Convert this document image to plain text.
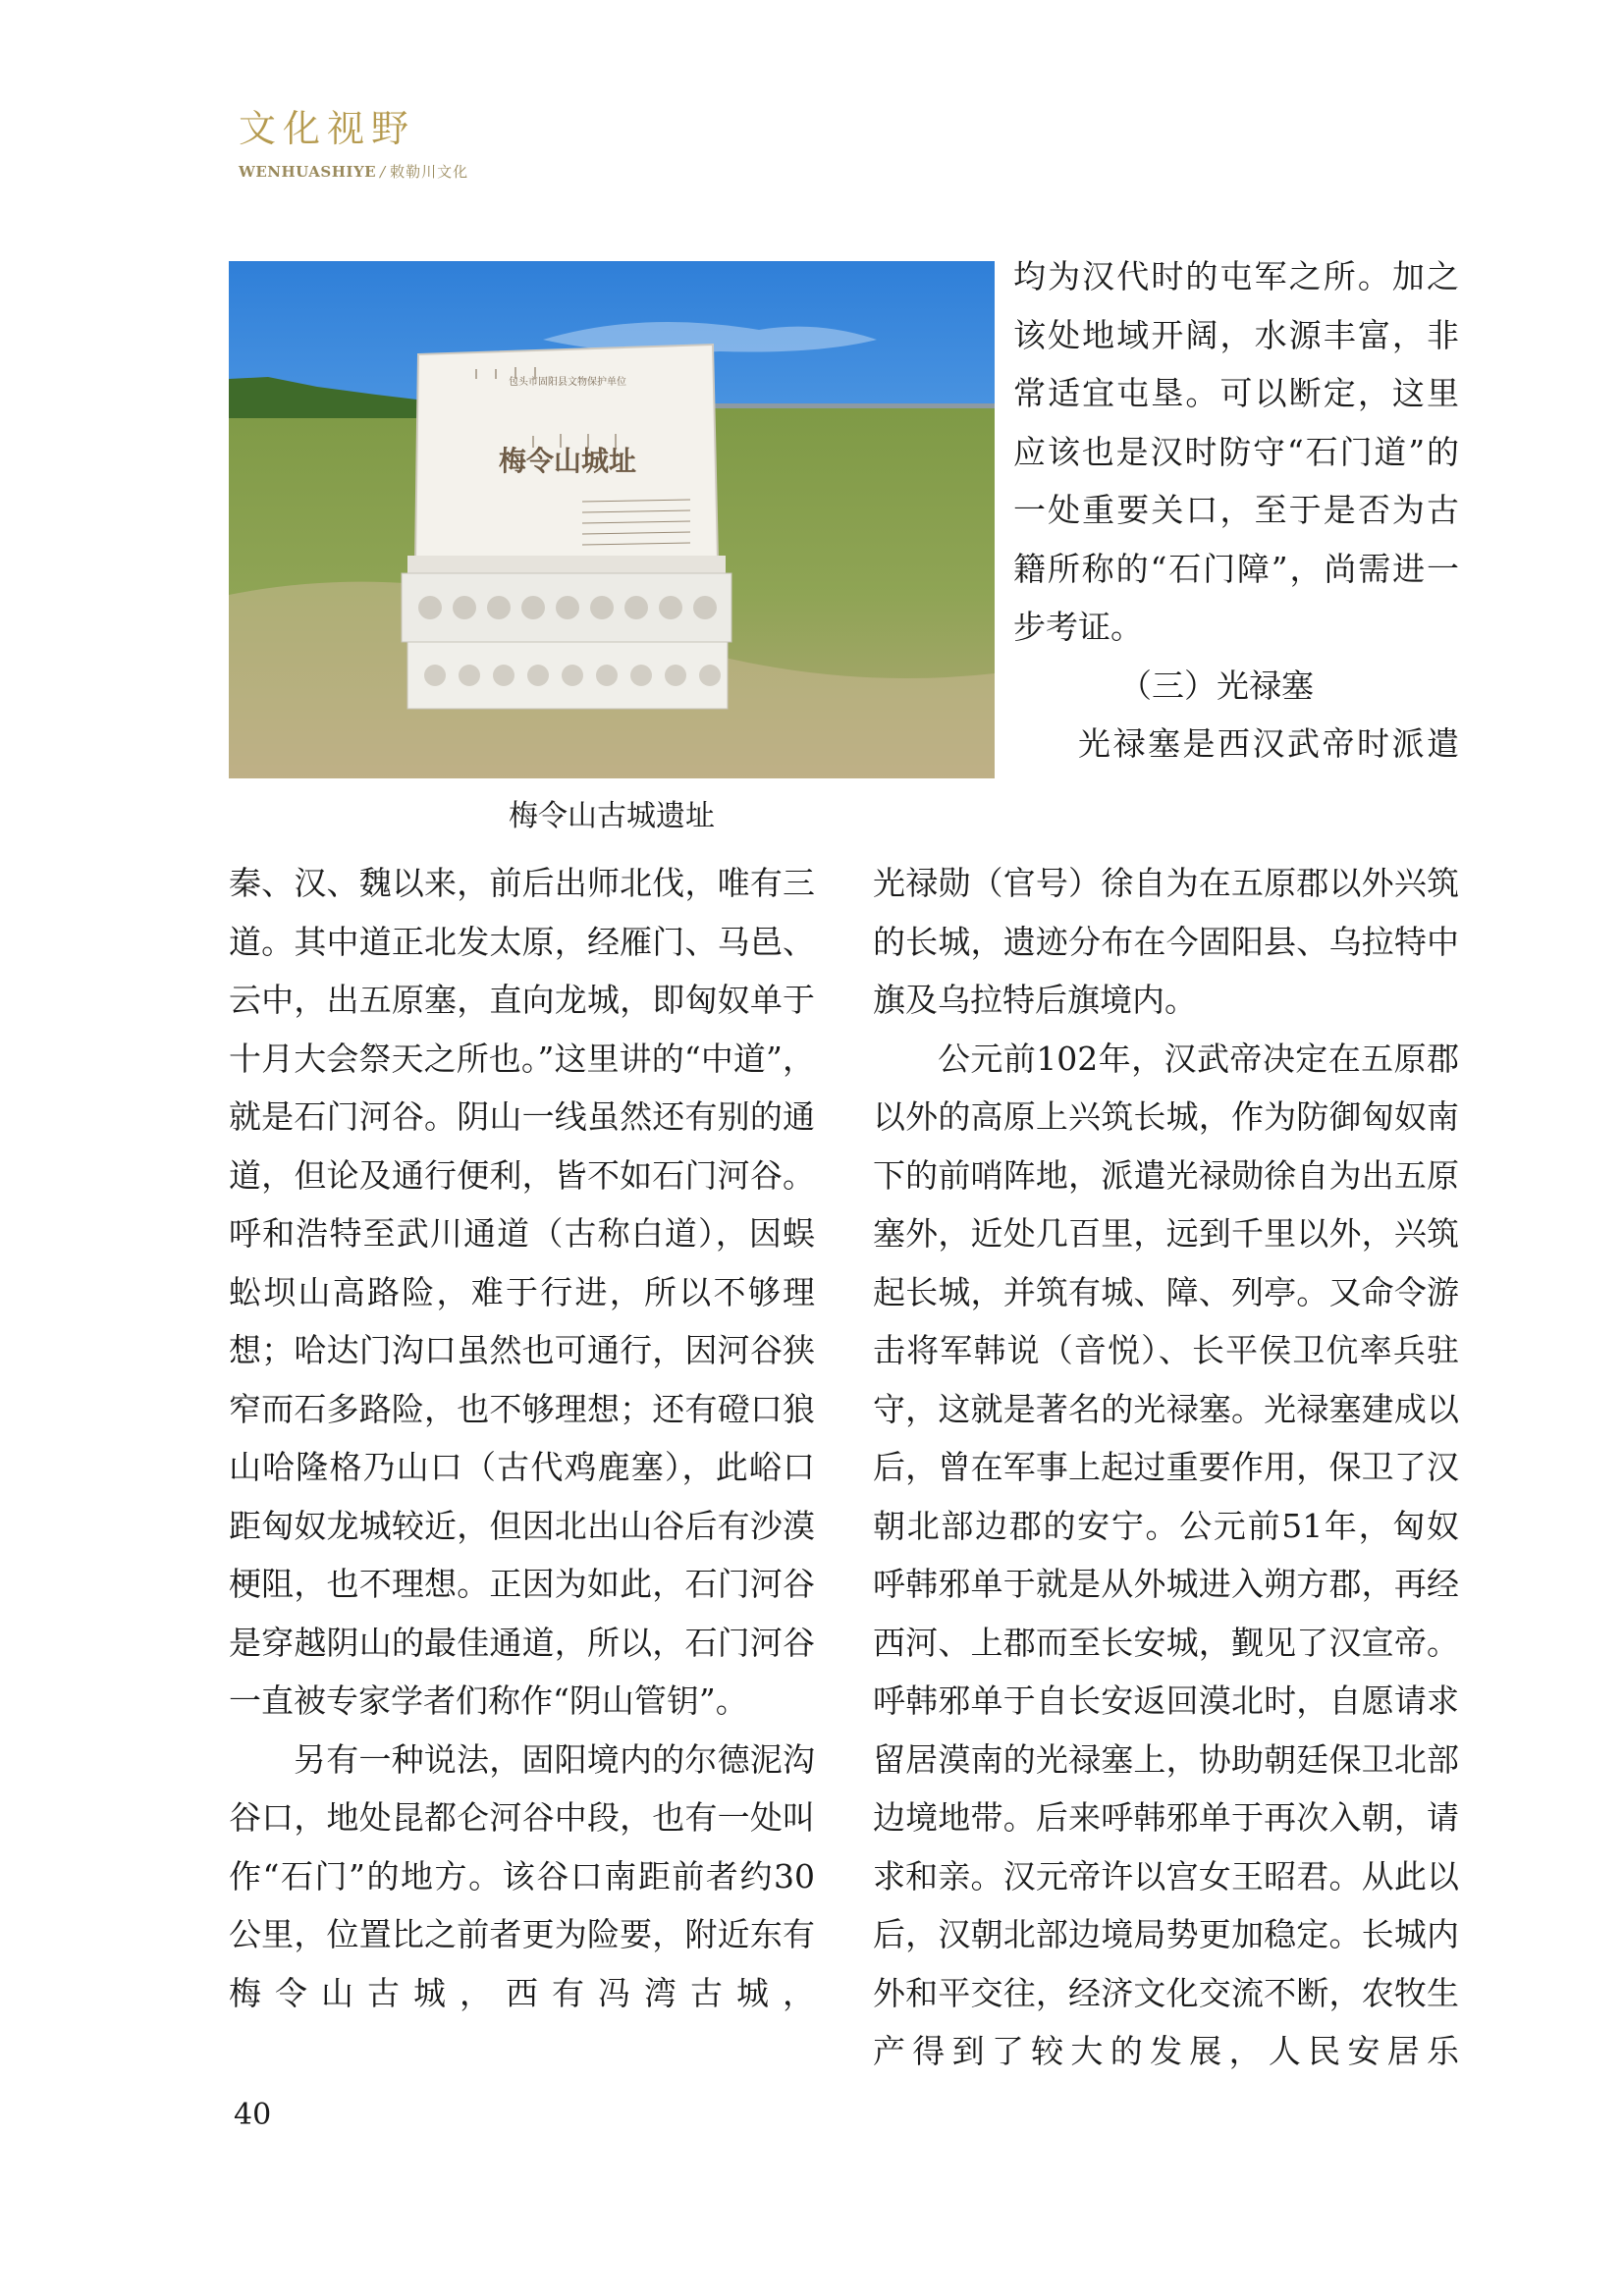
文化视野
WENHUASHIYE / 敕勒川文化
包头市固阳县文物保护单位
梅令山城址
梅令山古城遗址

均为汉代时的屯军之所。加之该处地域开阔，水源丰富，非常适宜屯垦。可以断定，这里应该也是汉时防守“石门道”的一处重要关口，至于是否为古籍所称的“石门障”，尚需进一步考证。

（三）光禄塞

光禄塞是西汉武帝时派遣

秦、汉、魏以来，前后出师北伐，唯有三道。其中道正北发太原，经雁门、马邑、云中，出五原塞，直向龙城，即匈奴单于十月大会祭天之所也。”这里讲的“中道”，就是石门河谷。阴山一线虽然还有别的通道，但论及通行便利，皆不如石门河谷。呼和浩特至武川通道（古称白道），因蜈蚣坝山高路险，难于行进，所以不够理想；哈达门沟口虽然也可通行，因河谷狭窄而石多路险，也不够理想；还有磴口狼山哈隆格乃山口（古代鸡鹿塞），此峪口距匈奴龙城较近，但因北出山谷后有沙漠梗阻，也不理想。正因为如此，石门河谷是穿越阴山的最佳通道，所以，石门河谷一直被专家学者们称作“阴山管钥”。

另有一种说法，固阳境内的尔德泥沟谷口，地处昆都仑河谷中段，也有一处叫作“石门”的地方。该谷口南距前者约30公里，位置比之前者更为险要，附近东有梅令山古城，西有冯湾古城，

光禄勋（官号）徐自为在五原郡以外兴筑的长城，遗迹分布在今固阳县、乌拉特中旗及乌拉特后旗境内。

公元前102年，汉武帝决定在五原郡以外的高原上兴筑长城，作为防御匈奴南下的前哨阵地，派遣光禄勋徐自为出五原塞外，近处几百里，远到千里以外，兴筑起长城，并筑有城、障、列亭。又命令游击将军韩说（音悦）、长平侯卫伉率兵驻守，这就是著名的光禄塞。光禄塞建成以后，曾在军事上起过重要作用，保卫了汉朝北部边郡的安宁。公元前51年，匈奴呼韩邪单于就是从外城进入朔方郡，再经西河、上郡而至长安城，觐见了汉宣帝。呼韩邪单于自长安返回漠北时，自愿请求留居漠南的光禄塞上，协助朝廷保卫北部边境地带。后来呼韩邪单于再次入朝，请求和亲。汉元帝许以宫女王昭君。从此以后，汉朝北部边境局势更加稳定。长城内外和平交往，经济文化交流不断，农牧生产得到了较大的发展，人民安居乐

40
